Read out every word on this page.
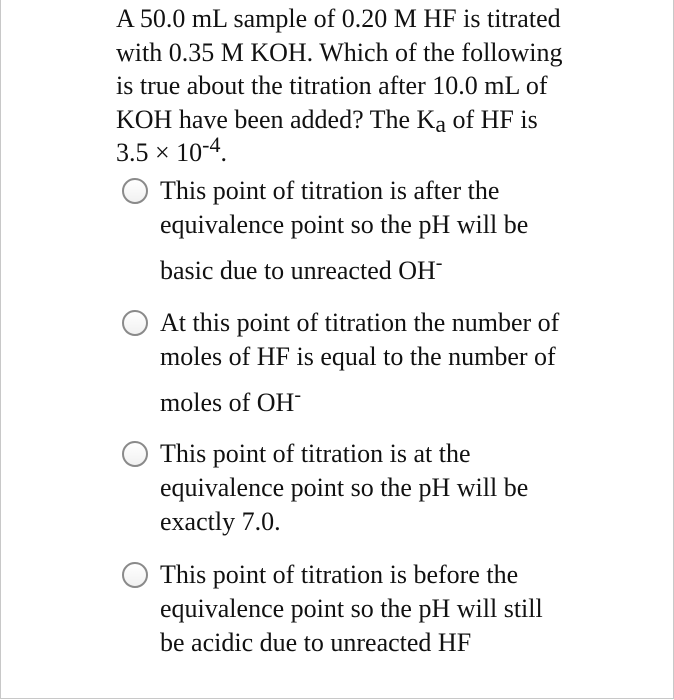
A 50.0 mL sample of 0.20 M HF is titrated
with 0.35 M KOH. Which of the following
is true about the titration after 10.0 mL of
KOH have been added? The $K_a$ of HF is
$3.5 \times 10^{-4}$.
This point of titration is after the
equivalence point so the pH will be
basic due to unreacted OH-
At this point of titration the number of
moles of HF is equal to the number of
moles of OH-
This point of titration is at the
equivalence point so the pH will be
exactly 7.0.
This point of titration is before the
equivalence point so the pH will still
be acidic due to unreacted HF
